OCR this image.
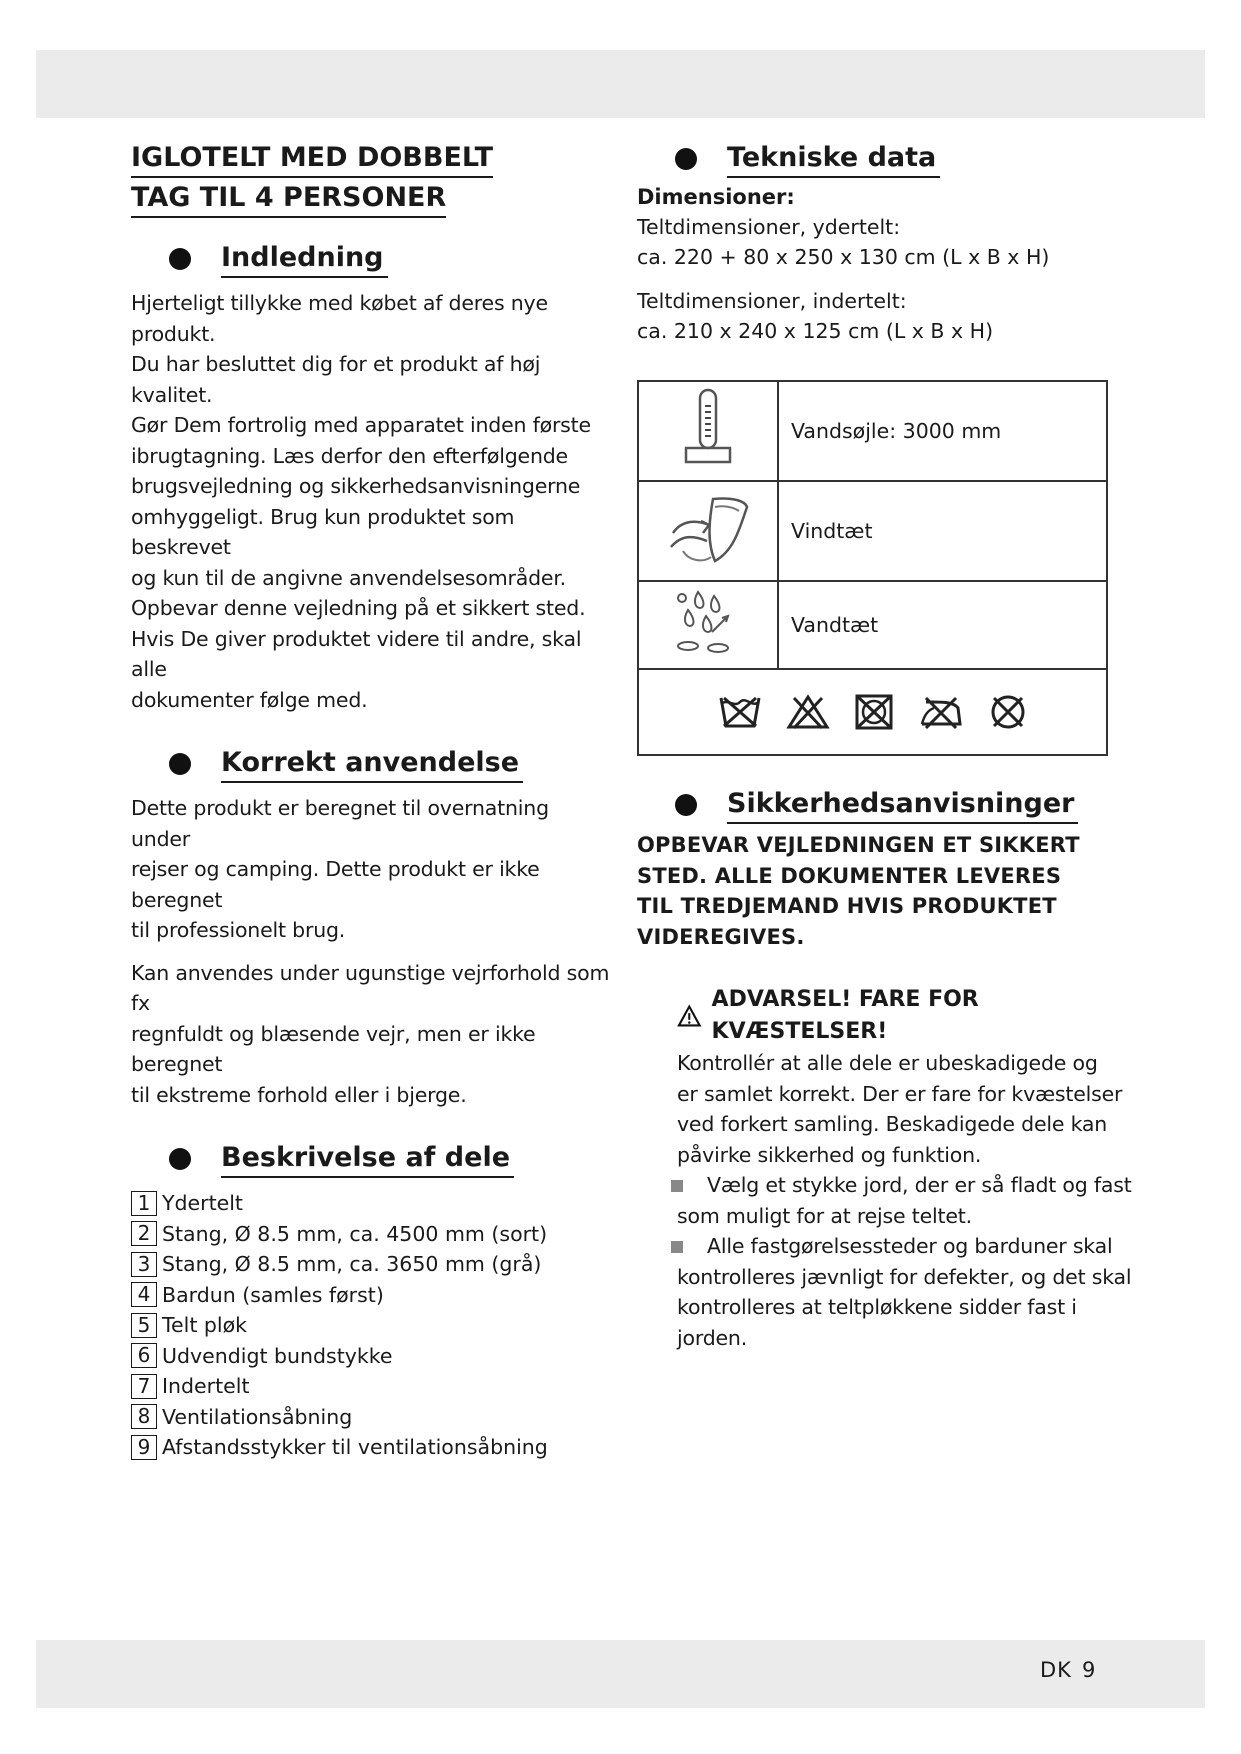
IGLOTELT MED DOBBELT
TAG TIL 4 PERSONER
Indledning
Hjerteligt tillykke med købet af deres nye produkt.
Du har besluttet dig for et produkt af høj kvalitet.
Gør Dem fortrolig med apparatet inden første
ibrugtagning. Læs derfor den efterfølgende
brugsvejledning og sikkerhedsanvisningerne
omhyggeligt. Brug kun produktet som beskrevet
og kun til de angivne anvendelsesområder.
Opbevar denne vejledning på et sikkert sted.
Hvis De giver produktet videre til andre, skal alle
dokumenter følge med.
Korrekt anvendelse
Dette produkt er beregnet til overnatning under
rejser og camping. Dette produkt er ikke beregnet
til professionelt brug.
Kan anvendes under ugunstige vejrforhold som fx
regnfuldt og blæsende vejr, men er ikke beregnet
til ekstreme forhold eller i bjerge.
Beskrivelse af dele
1 Ydertelt
2 Stang, Ø 8.5 mm, ca. 4500 mm (sort)
3 Stang, Ø 8.5 mm, ca. 3650 mm (grå)
4 Bardun (samles først)
5 Telt pløk
6 Udvendigt bundstykke
7 Indertelt
8 Ventilationsåbning
9 Afstandsstykker til ventilationsåbning
Tekniske data
Dimensioner:
Teltdimensioner, ydertelt:
ca. 220 + 80 x 250 x 130 cm (L x B x H)
Teltdimensioner, indertelt:
ca. 210 x 240 x 125 cm (L x B x H)
	Vandsøjle: 3000 mm
	Vindtæt
	Vandtæt

Sikkerhedsanvisninger
OPBEVAR VEJLEDNINGEN ET SIKKERT
STED. ALLE DOKUMENTER LEVERES
TIL TREDJEMAND HVIS PRODUKTET
VIDEREGIVES.
ADVARSEL! FARE FOR KVÆSTELSER!
Kontrollér at alle dele er ubeskadigede og
er samlet korrekt. Der er fare for kvæstelser
ved forkert samling. Beskadigede dele kan
påvirke sikkerhed og funktion.
Vælg et stykke jord, der er så fladt og fast
som muligt for at rejse teltet.
Alle fastgørelsessteder og barduner skal
kontrolleres jævnligt for defekter, og det skal
kontrolleres at teltpløkkene sidder fast i jorden.
DK 9
